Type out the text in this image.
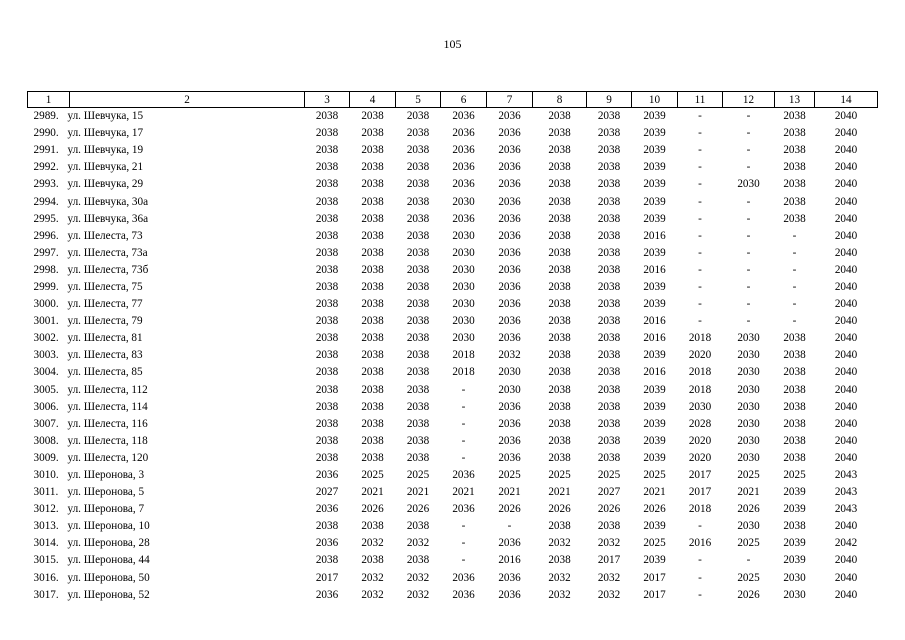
105
1	2	3	4	5	6	7	8	9	10	11	12	13	14
2989. ул. Шевчука, 15		2038	2038	2038	2036	2036	2038	2038	2039	-	-	2038	2040
2990. ул. Шевчука, 17		2038	2038	2038	2036	2036	2038	2038	2039	-	-	2038	2040
2991. ул. Шевчука, 19		2038	2038	2038	2036	2036	2038	2038	2039	-	-	2038	2040
2992. ул. Шевчука, 21		2038	2038	2038	2036	2036	2038	2038	2039	-	-	2038	2040
2993. ул. Шевчука, 29		2038	2038	2038	2036	2036	2038	2038	2039	-	2030	2038	2040
2994. ул. Шевчука, 30а		2038	2038	2038	2030	2036	2038	2038	2039	-	-	2038	2040
2995. ул. Шевчука, 36а		2038	2038	2038	2036	2036	2038	2038	2039	-	-	2038	2040
2996. ул. Шелеста, 73		2038	2038	2038	2030	2036	2038	2038	2016	-	-	-	2040
2997. ул. Шелеста, 73а		2038	2038	2038	2030	2036	2038	2038	2039	-	-	-	2040
2998. ул. Шелеста, 73б		2038	2038	2038	2030	2036	2038	2038	2016	-	-	-	2040
2999. ул. Шелеста, 75		2038	2038	2038	2030	2036	2038	2038	2039	-	-	-	2040
3000. ул. Шелеста, 77		2038	2038	2038	2030	2036	2038	2038	2039	-	-	-	2040
3001. ул. Шелеста, 79		2038	2038	2038	2030	2036	2038	2038	2016	-	-	-	2040
3002. ул. Шелеста, 81		2038	2038	2038	2030	2036	2038	2038	2016	2018	2030	2038	2040
3003. ул. Шелеста, 83		2038	2038	2038	2018	2032	2038	2038	2039	2020	2030	2038	2040
3004. ул. Шелеста, 85		2038	2038	2038	2018	2030	2038	2038	2016	2018	2030	2038	2040
3005. ул. Шелеста, 112		2038	2038	2038	-	2030	2038	2038	2039	2018	2030	2038	2040
3006. ул. Шелеста, 114		2038	2038	2038	-	2036	2038	2038	2039	2030	2030	2038	2040
3007. ул. Шелеста, 116		2038	2038	2038	-	2036	2038	2038	2039	2028	2030	2038	2040
3008. ул. Шелеста, 118		2038	2038	2038	-	2036	2038	2038	2039	2020	2030	2038	2040
3009. ул. Шелеста, 120		2038	2038	2038	-	2036	2038	2038	2039	2020	2030	2038	2040
3010. ул. Шеронова, 3		2036	2025	2025	2036	2025	2025	2025	2025	2017	2025	2025	2043
3011. ул. Шеронова, 5		2027	2021	2021	2021	2021	2021	2027	2021	2017	2021	2039	2043
3012. ул. Шеронова, 7		2036	2026	2026	2036	2026	2026	2026	2026	2018	2026	2039	2043
3013. ул. Шеронова, 10		2038	2038	2038	-	-	2038	2038	2039	-	2030	2038	2040
3014. ул. Шеронова, 28		2036	2032	2032	-	2036	2032	2032	2025	2016	2025	2039	2042
3015. ул. Шеронова, 44		2038	2038	2038	-	2016	2038	2017	2039	-	-	2039	2040
3016. ул. Шеронова, 50		2017	2032	2032	2036	2036	2032	2032	2017	-	2025	2030	2040
3017. ул. Шеронова, 52		2036	2032	2032	2036	2036	2032	2032	2017	-	2026	2030	2040
